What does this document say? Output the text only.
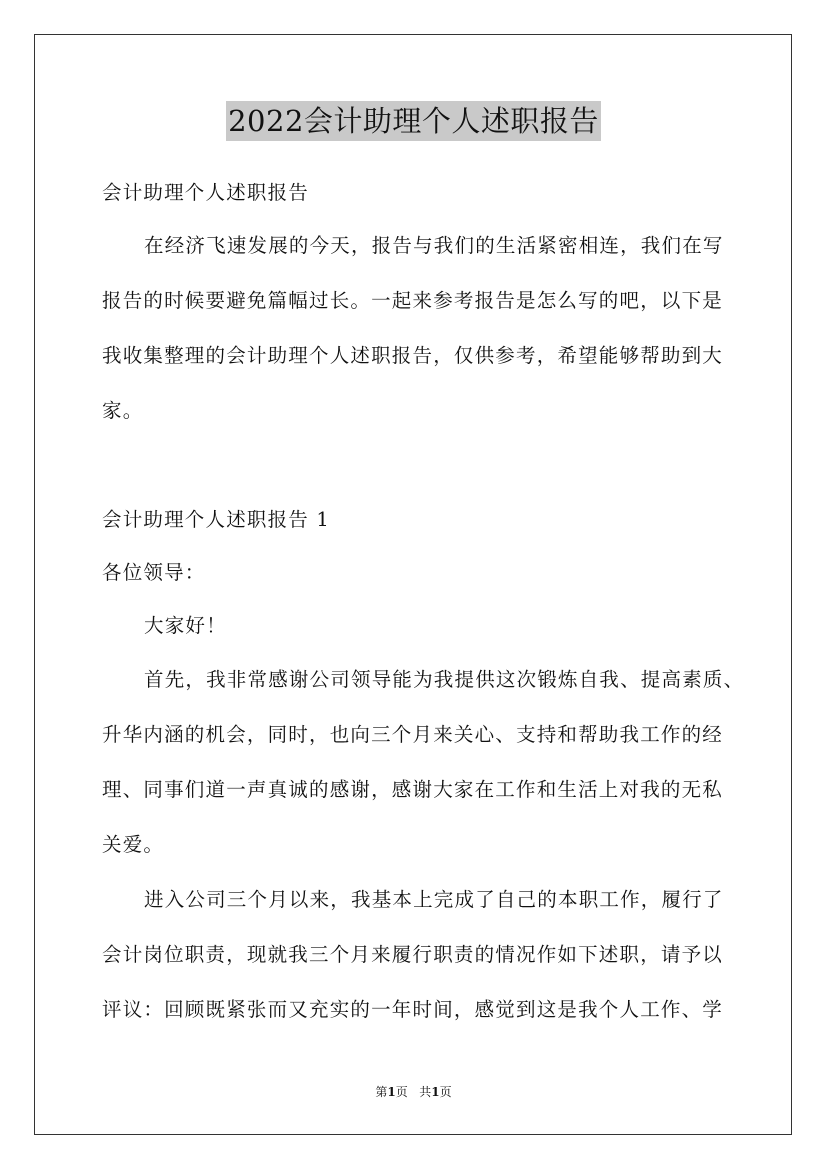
2022会计助理个人述职报告
会计助理个人述职报告
在经济飞速发展的今天，报告与我们的生活紧密相连，我们在写
报告的时候要避免篇幅过长。一起来参考报告是怎么写的吧，以下是
我收集整理的会计助理个人述职报告，仅供参考，希望能够帮助到大
家。
会计助理个人述职报告 1
各位领导：
大家好！
首先，我非常感谢公司领导能为我提供这次锻炼自我、提高素质、
升华内涵的机会，同时，也向三个月来关心、支持和帮助我工作的经
理、同事们道一声真诚的感谢，感谢大家在工作和生活上对我的无私
关爱。
进入公司三个月以来，我基本上完成了自己的本职工作，履行了
会计岗位职责，现就我三个月来履行职责的情况作如下述职，请予以
评议：回顾既紧张而又充实的一年时间，感觉到这是我个人工作、学
第1页   共1页
